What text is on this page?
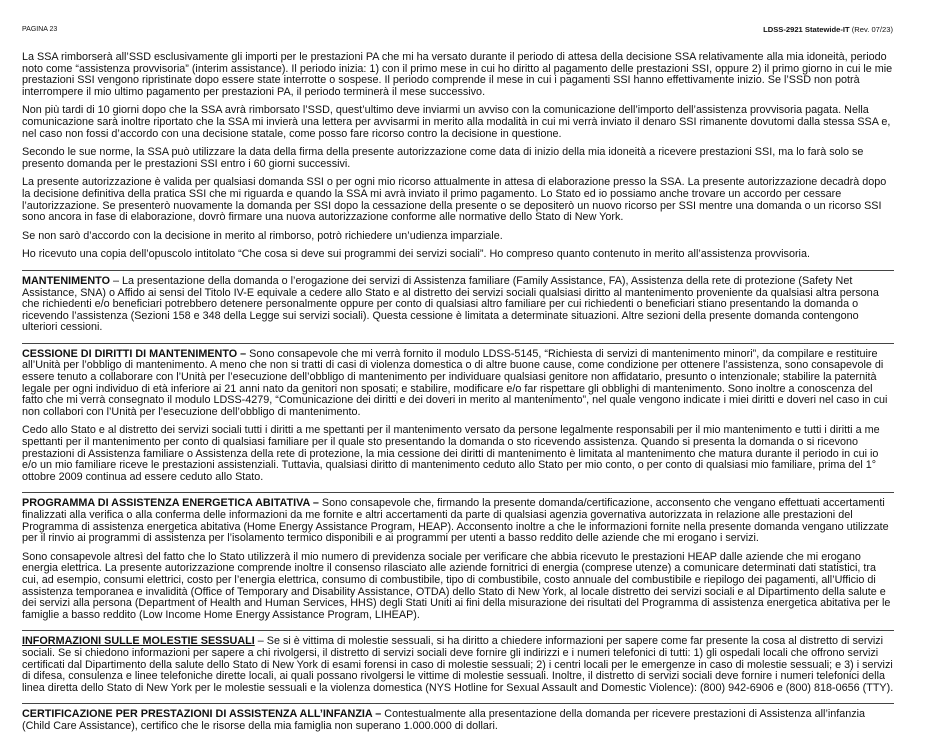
PAGINA 23	LDSS-2921 Statewide-IT (Rev. 07/23)

La SSA rimborserà all’SSD esclusivamente gli importi per le prestazioni PA che mi ha versato durante il periodo di attesa della decisione SSA relativamente alla mia idoneità, periodo noto come “assistenza provvisoria” (interim assistance). Il periodo inizia: 1) con il primo mese in cui ho diritto al pagamento delle prestazioni SSI, oppure 2) il primo giorno in cui le mie prestazioni SSI vengono ripristinate dopo essere state interrotte o sospese. Il periodo comprende il mese in cui i pagamenti SSI hanno effettivamente inizio. Se l’SSD non potrà interrompere il mio ultimo pagamento per prestazioni PA, il periodo terminerà il mese successivo.

Non più tardi di 10 giorni dopo che la SSA avrà rimborsato l’SSD, quest’ultimo deve inviarmi un avviso con la comunicazione dell’importo dell’assistenza provvisoria pagata. Nella comunicazione sarà inoltre riportato che la SSA mi invierà una lettera per avvisarmi in merito alla modalità in cui mi verrà inviato il denaro SSI rimanente dovutomi dalla stessa SSA e, nel caso non fossi d’accordo con una decisione statale, come posso fare ricorso contro la decisione in questione.

Secondo le sue norme, la SSA può utilizzare la data della firma della presente autorizzazione come data di inizio della mia idoneità a ricevere prestazioni SSI, ma lo farà solo se presento domanda per le prestazioni SSI entro i 60 giorni successivi.

La presente autorizzazione è valida per qualsiasi domanda SSI o per ogni mio ricorso attualmente in attesa di elaborazione presso la SSA. La presente autorizzazione decadrà dopo la decisione definitiva della pratica SSI che mi riguarda e quando la SSA mi avrà inviato il primo pagamento. Lo Stato ed io possiamo anche trovare un accordo per cessare l’autorizzazione. Se presenterò nuovamente la domanda per SSI dopo la cessazione della presente o se depositerò un nuovo ricorso per SSI mentre una domanda o un ricorso SSI sono ancora in fase di elaborazione, dovrò firmare una nuova autorizzazione conforme alle normative dello Stato di New York.

Se non sarò d’accordo con la decisione in merito al rimborso, potrò richiedere un’udienza imparziale.

Ho ricevuto una copia dell’opuscolo intitolato “Che cosa si deve sui programmi dei servizi sociali”. Ho compreso quanto contenuto in merito all’assistenza provvisoria.

MANTENIMENTO – La presentazione della domanda o l’erogazione dei servizi di Assistenza familiare (Family Assistance, FA), Assistenza della rete di protezione (Safety Net Assistance, SNA) o Affido ai sensi del Titolo IV-E equivale a cedere allo Stato e al distretto dei servizi sociali qualsiasi diritto al mantenimento proveniente da qualsiasi altra persona che richiedenti e/o beneficiari potrebbero detenere personalmente oppure per conto di qualsiasi altro familiare per cui richiedenti o beneficiari stiano presentando la domanda o ricevendo l’assistenza (Sezioni 158 e 348 della Legge sui servizi sociali). Questa cessione è limitata a determinate situazioni. Altre sezioni della presente domanda contengono ulteriori cessioni.

CESSIONE DI DIRITTI DI MANTENIMENTO – Sono consapevole che mi verrà fornito il modulo LDSS-5145, “Richiesta di servizi di mantenimento minori”, da compilare e restituire all’Unità per l’obbligo di mantenimento. A meno che non si tratti di casi di violenza domestica o di altre buone cause, come condizione per ottenere l’assistenza, sono consapevole di essere tenuto a collaborare con l’Unità per l’esecuzione dell’obbligo di mantenimento per individuare qualsiasi genitore non affidatario, presunto o intenzionale; stabilire la paternità legale per ogni individuo di età inferiore ai 21 anni nato da genitori non sposati; e stabilire, modificare e/o far rispettare gli obblighi di mantenimento. Sono inoltre a conoscenza del fatto che mi verrà consegnato il modulo LDSS-4279, “Comunicazione dei diritti e dei doveri in merito al mantenimento”, nel quale vengono indicate i miei diritti e doveri nel caso in cui non collabori con l’Unità per l’esecuzione dell’obbligo di mantenimento.

Cedo allo Stato e al distretto dei servizi sociali tutti i diritti a me spettanti per il mantenimento versato da persone legalmente responsabili per il mio mantenimento e tutti i diritti a me spettanti per il mantenimento per conto di qualsiasi familiare per il quale sto presentando la domanda o sto ricevendo assistenza. Quando si presenta la domanda o si ricevono prestazioni di Assistenza familiare o Assistenza della rete di protezione, la mia cessione dei diritti di mantenimento è limitata al mantenimento che matura durante il periodo in cui io e/o un mio familiare riceve le prestazioni assistenziali. Tuttavia, qualsiasi diritto di mantenimento ceduto allo Stato per mio conto, o per conto di qualsiasi mio familiare, prima del 1° ottobre 2009 continua ad essere ceduto allo Stato.

PROGRAMMA DI ASSISTENZA ENERGETICA ABITATIVA – Sono consapevole che, firmando la presente domanda/certificazione, acconsento che vengano effettuati accertamenti finalizzati alla verifica o alla conferma delle informazioni da me fornite e altri accertamenti da parte di qualsiasi agenzia governativa autorizzata in relazione alle prestazioni del Programma di assistenza energetica abitativa (Home Energy Assistance Program, HEAP). Acconsento inoltre a che le informazioni fornite nella presente domanda vengano utilizzate per il rinvio ai programmi di assistenza per l’isolamento termico disponibili e ai programmi per utenti a basso reddito delle aziende che mi erogano i servizi.

Sono consapevole altresì del fatto che lo Stato utilizzerà il mio numero di previdenza sociale per verificare che abbia ricevuto le prestazioni HEAP dalle aziende che mi erogano energia elettrica. La presente autorizzazione comprende inoltre il consenso rilasciato alle aziende fornitrici di energia (comprese utenze) a comunicare determinati dati statistici, tra cui, ad esempio, consumi elettrici, costo per l’energia elettrica, consumo di combustibile, tipo di combustibile, costo annuale del combustibile e riepilogo dei pagamenti, all’Ufficio di assistenza temporanea e invalidità (Office of Temporary and Disability Assistance, OTDA) dello Stato di New York, al locale distretto dei servizi sociali e al Dipartimento della salute e dei servizi alla persona (Department of Health and Human Services, HHS) degli Stati Uniti ai fini della misurazione dei risultati del Programma di assistenza energetica abitativa per le famiglie a basso reddito (Low Income Home Energy Assistance Program, LIHEAP).

INFORMAZIONI SULLE MOLESTIE SESSUALI – Se si è vittima di molestie sessuali, si ha diritto a chiedere informazioni per sapere come far presente la cosa al distretto di servizi sociali. Se si chiedono informazioni per sapere a chi rivolgersi, il distretto di servizi sociali deve fornire gli indirizzi e i numeri telefonici di tutti: 1) gli ospedali locali che offrono servizi certificati dal Dipartimento della salute dello Stato di New York di esami forensi in caso di molestie sessuali; 2) i centri locali per le emergenze in caso di molestie sessuali; e 3) i servizi di difesa, consulenza e linee telefoniche dirette locali, ai quali possano rivolgersi le vittime di molestie sessuali. Inoltre, il distretto di servizi sociali deve fornire i numeri telefonici della linea diretta dello Stato di New York per le molestie sessuali e la violenza domestica (NYS Hotline for Sexual Assault and Domestic Violence): (800) 942-6906 e (800) 818-0656 (TTY).

CERTIFICAZIONE PER PRESTAZIONI DI ASSISTENZA ALL’INFANZIA – Contestualmente alla presentazione della domanda per ricevere prestazioni di Assistenza all’infanzia (Child Care Assistance), certifico che le risorse della mia famiglia non superano 1.000.000 di dollari.
